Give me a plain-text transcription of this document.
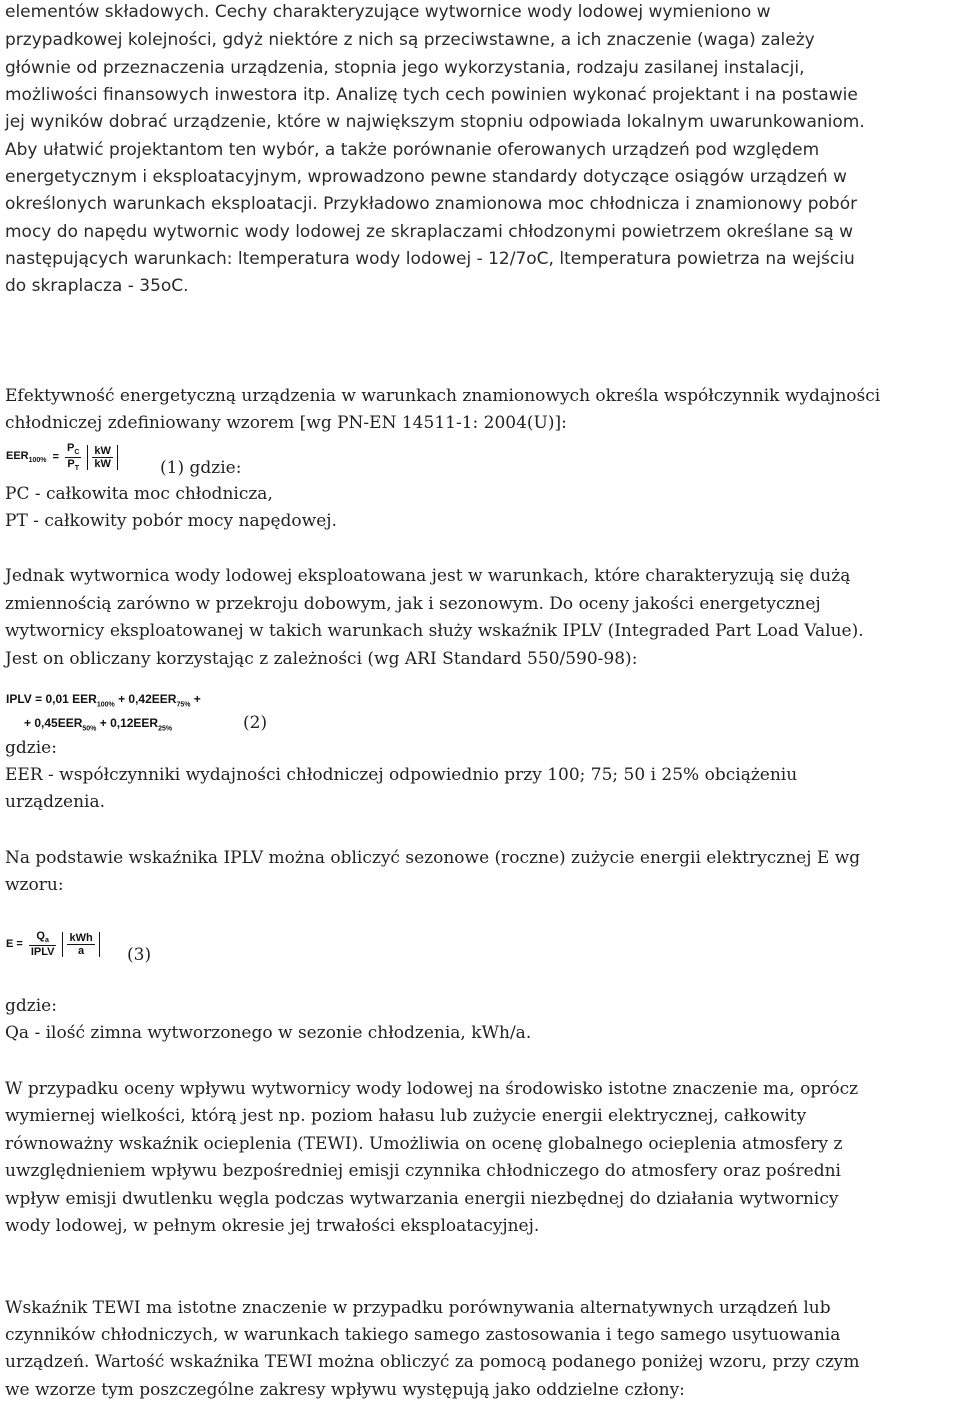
elementów składowych. Cechy charakteryzujące wytwornice wody lodowej wymieniono w
przypadkowej kolejności, gdyż niektóre z nich są przeciwstawne, a ich znaczenie (waga) zależy
głównie od przeznaczenia urządzenia, stopnia jego wykorzystania, rodzaju zasilanej instalacji,
możliwości finansowych inwestora itp. Analizę tych cech powinien wykonać projektant i na postawie
jej wyników dobrać urządzenie, które w największym stopniu odpowiada lokalnym uwarunkowaniom.
Aby ułatwić projektantom ten wybór, a także porównanie oferowanych urządzeń pod względem
energetycznym i eksploatacyjnym, wprowadzono pewne standardy dotyczące osiągów urządzeń w
określonych warunkach eksploatacji. Przykładowo znamionowa moc chłodnicza i znamionowy pobór
mocy do napędu wytwornic wody lodowej ze skraplaczami chłodzonymi powietrzem określane są w
następujących warunkach: ltemperatura wody lodowej - 12/7oC, ltemperatura powietrza na wejściu
do skraplacza - 35oC.
Efektywność energetyczną urządzenia w warunkach znamionowych określa współczynnik wydajności
chłodniczej zdefiniowany wzorem [wg PN-EN 14511-1: 2004(U)]:
$EER_{100\%} = \frac{P_C}{P_T} \frac{kW}{kW}$	(1) gdzie:
PC - całkowita moc chłodnicza,
PT - całkowity pobór mocy napędowej.
Jednak wytwornica wody lodowej eksploatowana jest w warunkach, które charakteryzują się dużą
zmiennością zarówno w przekroju dobowym, jak i sezonowym. Do oceny jakości energetycznej
wytwornicy eksploatowanej w takich warunkach służy wskaźnik IPLV (Integraded Part Load Value).
Jest on obliczany korzystając z zależności (wg ARI Standard 550/590-98):
IPLV = 0,01 $EER_{100\%} + 0,42EER_{75\%}$ +
+ $0,45EER_{50\%} + 0,12EER_{25\%}$	(2)
gdzie:
EER - współczynniki wydajności chłodniczej odpowiednio przy 100; 75; 50 i 25% obciążeniu
urządzenia.
Na podstawie wskaźnika IPLV można obliczyć sezonowe (roczne) zużycie energii elektrycznej E wg
wzoru:
$E = \frac{Q_a}{\text{IPLV}} \frac{\text{kWh}}{a} (3)$
gdzie:
Qa - ilość zimna wytworzonego w sezonie chłodzenia, kWh/a.
W przypadku oceny wpływu wytwornicy wody lodowej na środowisko istotne znaczenie ma, oprócz
wymiernej wielkości, którą jest np. poziom hałasu lub zużycie energii elektrycznej, całkowity
równoważny wskaźnik ocieplenia (TEWI). Umożliwia on ocenę globalnego ocieplenia atmosfery z
uwzględnieniem wpływu bezpośredniej emisji czynnika chłodniczego do atmosfery oraz pośredni
wpływ emisji dwutlenku węgla podczas wytwarzania energii niezbędnej do działania wytwornicy
wody lodowej, w pełnym okresie jej trwałości eksploatacyjnej.
Wskaźnik TEWI ma istotne znaczenie w przypadku porównywania alternatywnych urządzeń lub
czynników chłodniczych, w warunkach takiego samego zastosowania i tego samego usytuowania
urządzeń. Wartość wskaźnika TEWI można obliczyć za pomocą podanego poniżej wzoru, przy czym
we wzorze tym poszczególne zakresy wpływu występują jako oddzielne człony:
